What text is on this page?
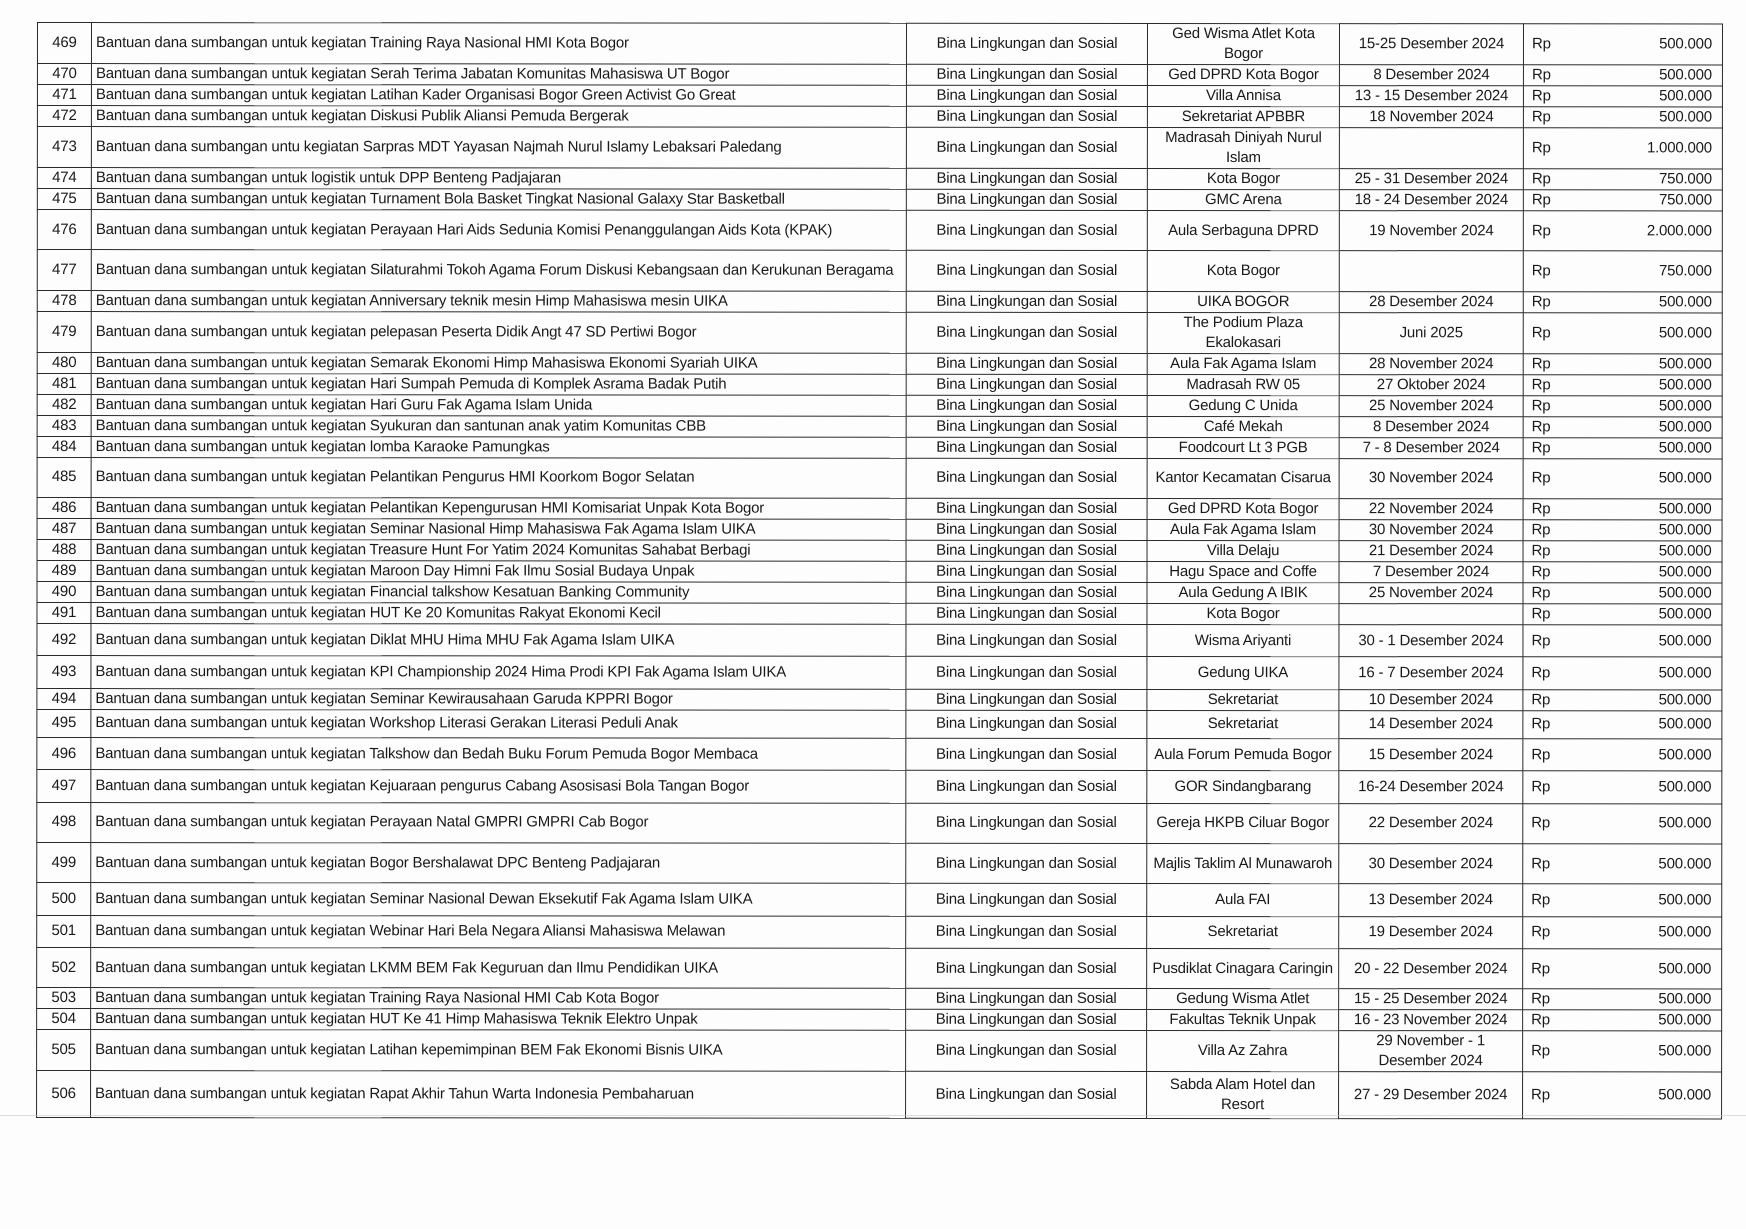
469	Bantuan dana sumbangan untuk kegiatan Training Raya Nasional HMI Kota Bogor	Bina Lingkungan dan Sosial	Ged Wisma Atlet Kota Bogor	15-25 Desember 2024	Rp 500.000

470	Bantuan dana sumbangan untuk kegiatan Serah Terima Jabatan Komunitas Mahasiswa UT Bogor	Bina Lingkungan dan Sosial	Ged DPRD Kota Bogor	8 Desember 2024	Rp 500.000

471	Bantuan dana sumbangan untuk kegiatan Latihan Kader Organisasi Bogor Green Activist Go Great	Bina Lingkungan dan Sosial	Villa Annisa	13 - 15 Desember 2024	Rp 500.000

472	Bantuan dana sumbangan untuk kegiatan Diskusi Publik Aliansi Pemuda Bergerak	Bina Lingkungan dan Sosial	Sekretariat APBBR	18 November 2024	Rp 500.000

473	Bantuan dana sumbangan untu kegiatan Sarpras MDT Yayasan Najmah Nurul Islamy Lebaksari Paledang	Bina Lingkungan dan Sosial	Madrasah Diniyah Nurul Islam		Rp 1.000.000

474	Bantuan dana sumbangan untuk logistik untuk DPP Benteng Padjajaran	Bina Lingkungan dan Sosial	Kota Bogor	25 - 31 Desember 2024	Rp 750.000

475	Bantuan dana sumbangan untuk kegiatan Turnament Bola Basket Tingkat Nasional Galaxy Star Basketball	Bina Lingkungan dan Sosial	GMC Arena	18 - 24 Desember 2024	Rp 750.000

476	Bantuan dana sumbangan untuk kegiatan Perayaan Hari Aids Sedunia Komisi Penanggulangan Aids Kota (KPAK)	Bina Lingkungan dan Sosial	Aula Serbaguna DPRD	19 November 2024	Rp 2.000.000

477	Bantuan dana sumbangan untuk kegiatan Silaturahmi Tokoh Agama Forum Diskusi Kebangsaan dan Kerukunan Beragama	Bina Lingkungan dan Sosial	Kota Bogor		Rp 750.000

478	Bantuan dana sumbangan untuk kegiatan Anniversary teknik mesin Himp Mahasiswa mesin UIKA	Bina Lingkungan dan Sosial	UIKA BOGOR	28 Desember 2024	Rp 500.000

479	Bantuan dana sumbangan untuk kegiatan pelepasan Peserta Didik Angt 47 SD Pertiwi Bogor	Bina Lingkungan dan Sosial	The Podium Plaza Ekalokasari	Juni 2025	Rp 500.000

480	Bantuan dana sumbangan untuk kegiatan Semarak Ekonomi Himp Mahasiswa Ekonomi Syariah UIKA	Bina Lingkungan dan Sosial	Aula Fak Agama Islam	28 November 2024	Rp 500.000

481	Bantuan dana sumbangan untuk kegiatan Hari Sumpah Pemuda di Komplek Asrama Badak Putih	Bina Lingkungan dan Sosial	Madrasah RW 05	27 Oktober 2024	Rp 500.000

482	Bantuan dana sumbangan untuk kegiatan Hari Guru Fak Agama Islam Unida	Bina Lingkungan dan Sosial	Gedung C Unida	25 November 2024	Rp 500.000

483	Bantuan dana sumbangan untuk kegiatan Syukuran dan santunan anak yatim Komunitas CBB	Bina Lingkungan dan Sosial	Café Mekah	8 Desember 2024	Rp 500.000

484	Bantuan dana sumbangan untuk kegiatan lomba Karaoke Pamungkas	Bina Lingkungan dan Sosial	Foodcourt Lt 3 PGB	7 - 8 Desember 2024	Rp 500.000

485	Bantuan dana sumbangan untuk kegiatan Pelantikan Pengurus HMI Koorkom Bogor Selatan	Bina Lingkungan dan Sosial	Kantor Kecamatan Cisarua	30 November 2024	Rp 500.000

486	Bantuan dana sumbangan untuk kegiatan Pelantikan Kepengurusan HMI Komisariat Unpak Kota Bogor	Bina Lingkungan dan Sosial	Ged DPRD Kota Bogor	22 November 2024	Rp 500.000

487	Bantuan dana sumbangan untuk kegiatan Seminar Nasional Himp Mahasiswa Fak Agama Islam UIKA	Bina Lingkungan dan Sosial	Aula Fak Agama Islam	30 November 2024	Rp 500.000

488	Bantuan dana sumbangan untuk kegiatan Treasure Hunt For Yatim 2024 Komunitas Sahabat Berbagi	Bina Lingkungan dan Sosial	Villa Delaju	21 Desember 2024	Rp 500.000

489	Bantuan dana sumbangan untuk kegiatan Maroon Day Himni Fak Ilmu Sosial Budaya Unpak	Bina Lingkungan dan Sosial	Hagu Space and Coffe	7 Desember 2024	Rp 500.000

490	Bantuan dana sumbangan untuk kegiatan Financial talkshow Kesatuan Banking Community	Bina Lingkungan dan Sosial	Aula Gedung A IBIK	25 November 2024	Rp 500.000

491	Bantuan dana sumbangan untuk kegiatan HUT Ke 20 Komunitas Rakyat Ekonomi Kecil	Bina Lingkungan dan Sosial	Kota Bogor		Rp 500.000

492	Bantuan dana sumbangan untuk kegiatan Diklat MHU Hima MHU Fak Agama Islam UIKA	Bina Lingkungan dan Sosial	Wisma Ariyanti	30 - 1 Desember 2024	Rp 500.000

493	Bantuan dana sumbangan untuk kegiatan KPI Championship 2024 Hima Prodi KPI Fak Agama Islam UIKA	Bina Lingkungan dan Sosial	Gedung UIKA	16 - 7 Desember 2024	Rp 500.000

494	Bantuan dana sumbangan untuk kegiatan Seminar Kewirausahaan Garuda KPPRI Bogor	Bina Lingkungan dan Sosial	Sekretariat	10 Desember 2024	Rp 500.000

495	Bantuan dana sumbangan untuk kegiatan Workshop Literasi Gerakan Literasi Peduli Anak	Bina Lingkungan dan Sosial	Sekretariat	14 Desember 2024	Rp 500.000

496	Bantuan dana sumbangan untuk kegiatan Talkshow dan Bedah Buku Forum Pemuda Bogor Membaca	Bina Lingkungan dan Sosial	Aula Forum Pemuda Bogor	15 Desember 2024	Rp 500.000

497	Bantuan dana sumbangan untuk kegiatan Kejuaraan pengurus Cabang Asosisasi Bola Tangan Bogor	Bina Lingkungan dan Sosial	GOR Sindangbarang	16-24 Desember 2024	Rp 500.000

498	Bantuan dana sumbangan untuk kegiatan Perayaan Natal GMPRI GMPRI Cab Bogor	Bina Lingkungan dan Sosial	Gereja HKPB Ciluar Bogor	22 Desember 2024	Rp 500.000

499	Bantuan dana sumbangan untuk kegiatan Bogor Bershalawat DPC Benteng Padjajaran	Bina Lingkungan dan Sosial	Majlis Taklim Al Munawaroh	30 Desember 2024	Rp 500.000

500	Bantuan dana sumbangan untuk kegiatan Seminar Nasional Dewan Eksekutif Fak Agama Islam UIKA	Bina Lingkungan dan Sosial	Aula FAI	13 Desember 2024	Rp 500.000

501	Bantuan dana sumbangan untuk kegiatan Webinar Hari Bela Negara Aliansi Mahasiswa Melawan	Bina Lingkungan dan Sosial	Sekretariat	19 Desember 2024	Rp 500.000

502	Bantuan dana sumbangan untuk kegiatan LKMM BEM Fak Keguruan dan Ilmu Pendidikan UIKA	Bina Lingkungan dan Sosial	Pusdiklat Cinagara Caringin	20 - 22 Desember 2024	Rp 500.000

503	Bantuan dana sumbangan untuk kegiatan Training Raya Nasional HMI Cab Kota Bogor	Bina Lingkungan dan Sosial	Gedung Wisma Atlet	15 - 25 Desember 2024	Rp 500.000

504	Bantuan dana sumbangan untuk kegiatan HUT Ke 41 Himp Mahasiswa Teknik Elektro Unpak	Bina Lingkungan dan Sosial	Fakultas Teknik Unpak	16 - 23 November 2024	Rp 500.000

505	Bantuan dana sumbangan untuk kegiatan Latihan kepemimpinan BEM Fak Ekonomi Bisnis UIKA	Bina Lingkungan dan Sosial	Villa Az Zahra	29 November - 1 Desember 2024	Rp 500.000

506	Bantuan dana sumbangan untuk kegiatan Rapat Akhir Tahun Warta Indonesia Pembaharuan	Bina Lingkungan dan Sosial	Sabda Alam Hotel dan Resort	27 - 29 Desember 2024	Rp 500.000
